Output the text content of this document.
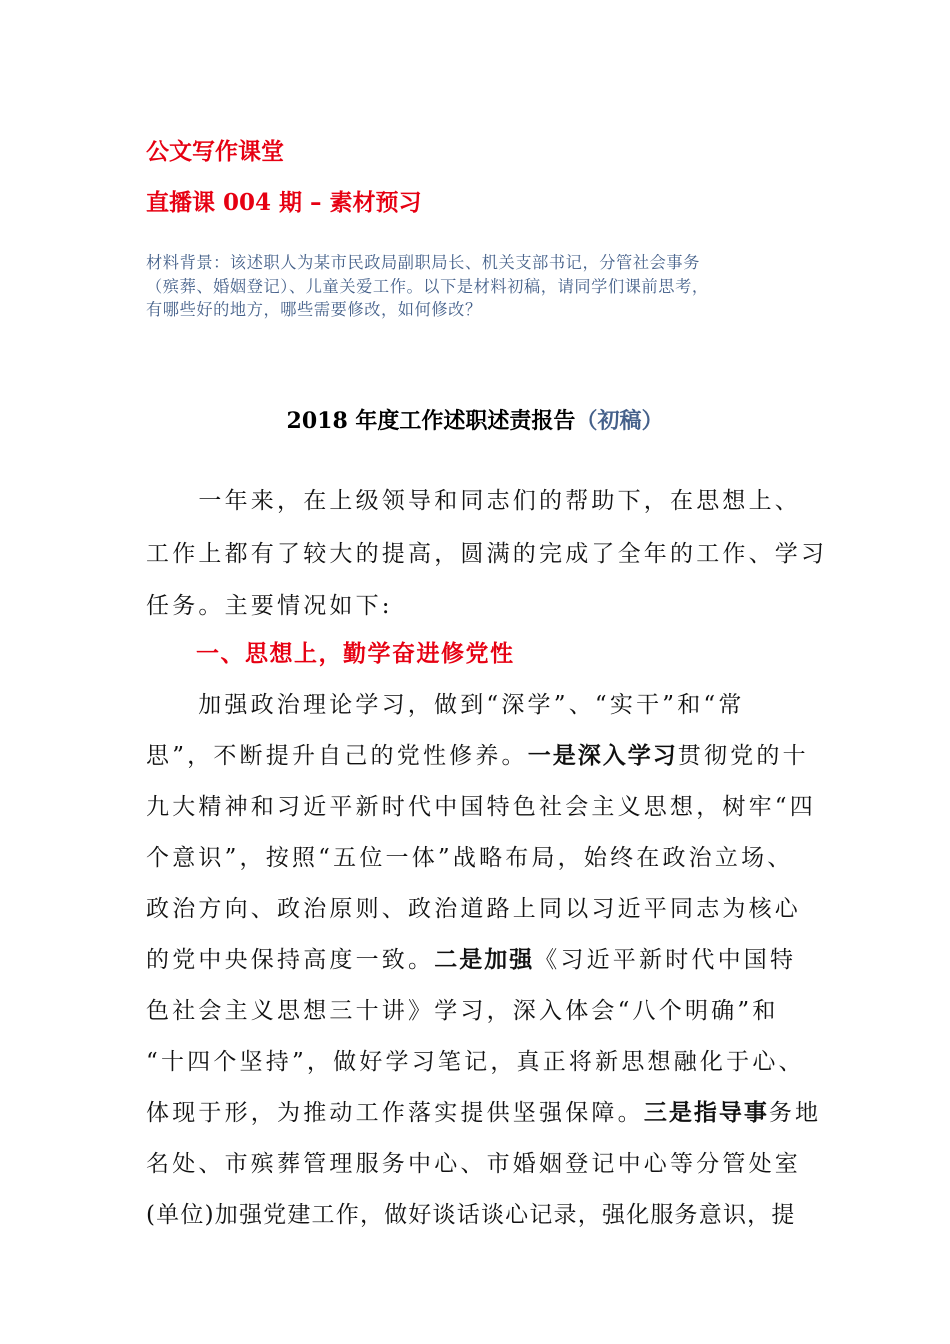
公文写作课堂
直播课 004 期 – 素材预习
材料背景：该述职人为某市民政局副职局长、机关支部书记，分管社会事务
（殡葬、婚姻登记）、儿童关爱工作。以下是材料初稿，请同学们课前思考，
有哪些好的地方，哪些需要修改，如何修改？
2018 年度工作述职述责报告（初稿）
　　一年来，在上级领导和同志们的帮助下，在思想上、
工作上都有了较大的提高，圆满的完成了全年的工作、学习
任务。主要情况如下:
一、思想上，勤学奋进修党性
　加强政治理论学习，做到“深学”、“实干”和“常
思”，不断提升自己的党性修养。一是深入学习贯彻党的十
九大精神和习近平新时代中国特色社会主义思想，树牢“四
个意识”，按照“五位一体”战略布局，始终在政治立场、
政治方向、政治原则、政治道路上同以习近平同志为核心
的党中央保持高度一致。二是加强《习近平新时代中国特
色社会主义思想三十讲》学习，深入体会“八个明确”和
“十四个坚持”，做好学习笔记，真正将新思想融化于心、
体现于形，为推动工作落实提供坚强保障。三是指导事务地
名处、市殡葬管理服务中心、市婚姻登记中心等分管处室
(单位)加强党建工作，做好谈话谈心记录，强化服务意识，提
